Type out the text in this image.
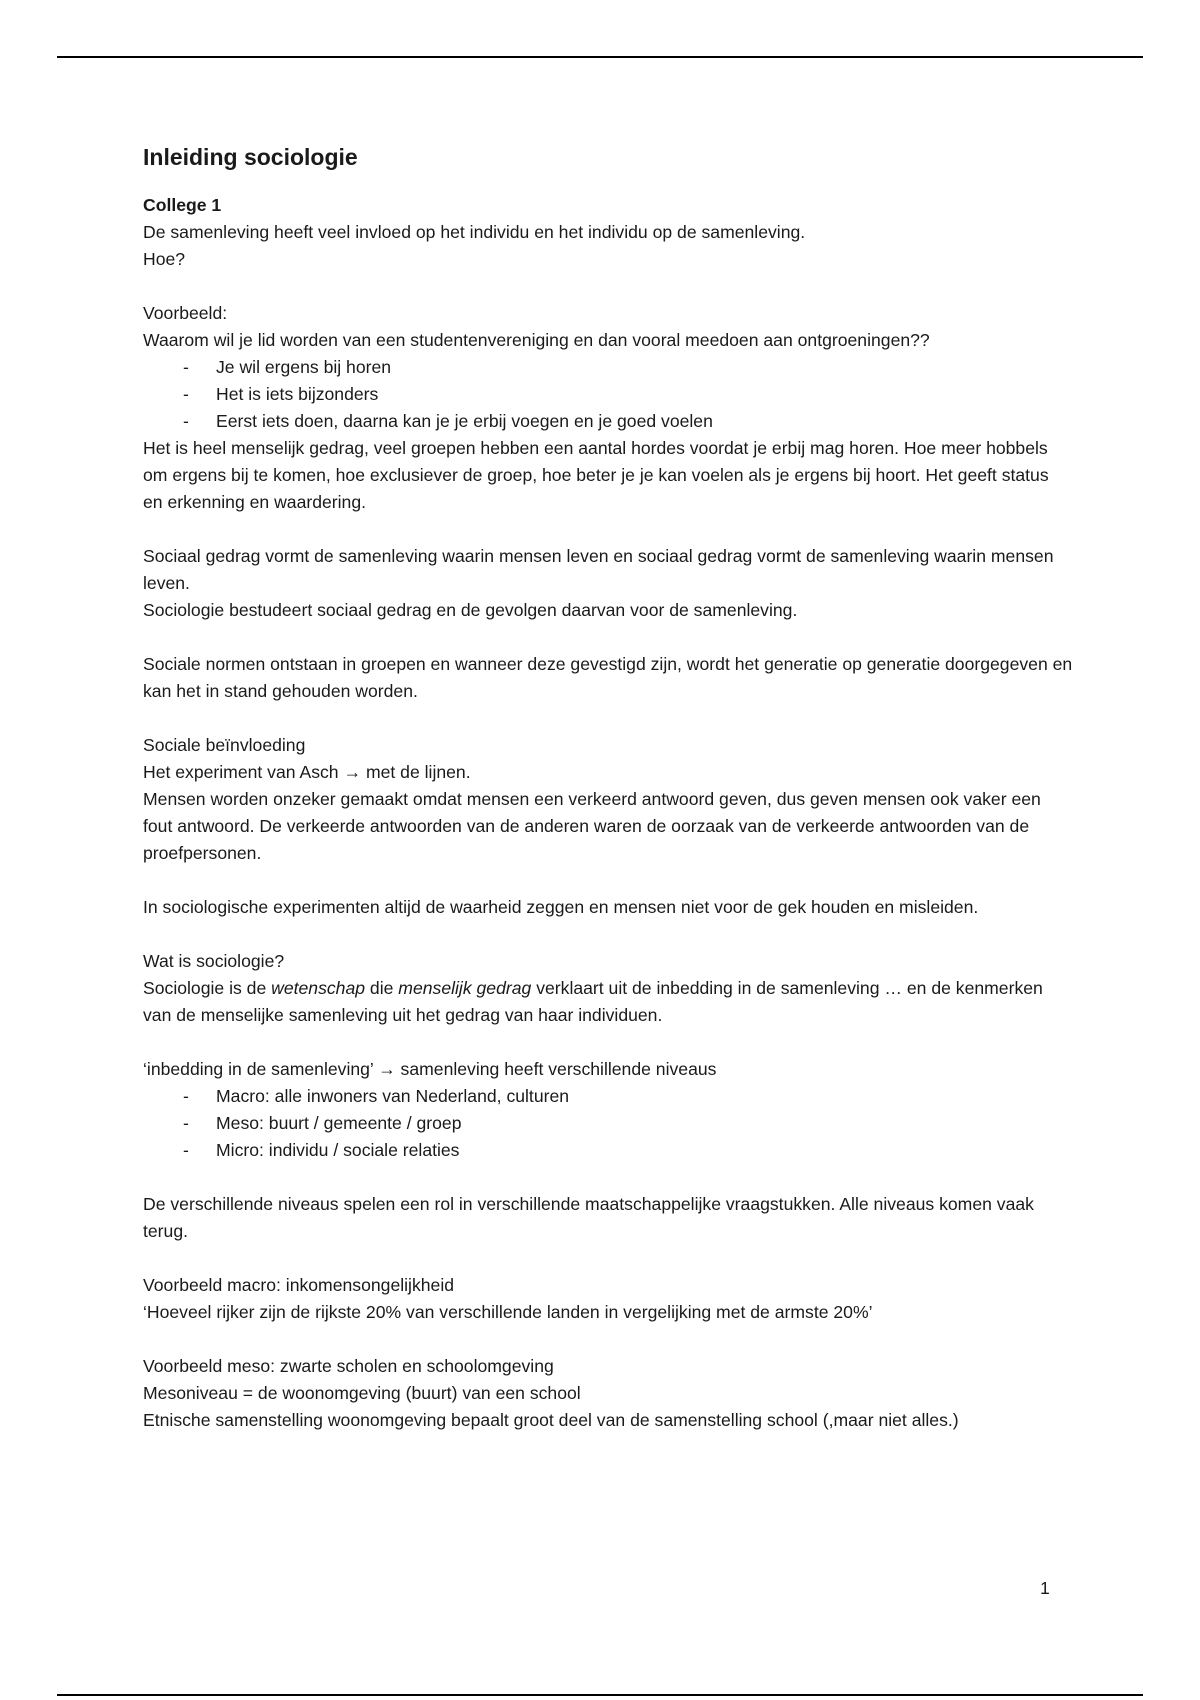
Inleiding sociologie
College 1

De samenleving heeft veel invloed op het individu en het individu op de samenleving.

Hoe?

Voorbeeld:

Waarom wil je lid worden van een studentenvereniging en dan vooral meedoen aan ontgroeningen??

- Je wil ergens bij horen
- Het is iets bijzonders
- Eerst iets doen, daarna kan je je erbij voegen en je goed voelen

Het is heel menselijk gedrag, veel groepen hebben een aantal hordes voordat je erbij mag horen. Hoe meer hobbels om ergens bij te komen, hoe exclusiever de groep, hoe beter je je kan voelen als je ergens bij hoort. Het geeft status en erkenning en waardering.

Sociaal gedrag vormt de samenleving waarin mensen leven en sociaal gedrag vormt de samenleving waarin mensen leven.

Sociologie bestudeert sociaal gedrag en de gevolgen daarvan voor de samenleving.

Sociale normen ontstaan in groepen en wanneer deze gevestigd zijn, wordt het generatie op generatie doorgegeven en kan het in stand gehouden worden.

Sociale beïnvloeding

Het experiment van Asch → met de lijnen.

Mensen worden onzeker gemaakt omdat mensen een verkeerd antwoord geven, dus geven mensen ook vaker een fout antwoord. De verkeerde antwoorden van de anderen waren de oorzaak van de verkeerde antwoorden van de proefpersonen.

In sociologische experimenten altijd de waarheid zeggen en mensen niet voor de gek houden en misleiden.

Wat is sociologie?

Sociologie is de wetenschap die menselijk gedrag verklaart uit de inbedding in de samenleving … en de kenmerken van de menselijke samenleving uit het gedrag van haar individuen.

‘inbedding in de samenleving’ → samenleving heeft verschillende niveaus

- Macro: alle inwoners van Nederland, culturen
- Meso: buurt / gemeente / groep
- Micro: individu / sociale relaties

De verschillende niveaus spelen een rol in verschillende maatschappelijke vraagstukken. Alle niveaus komen vaak terug.

Voorbeeld macro: inkomensongelijkheid

‘Hoeveel rijker zijn de rijkste 20% van verschillende landen in vergelijking met de armste 20%’

Voorbeeld meso: zwarte scholen en schoolomgeving

Mesoniveau = de woonomgeving (buurt) van een school

Etnische samenstelling woonomgeving bepaalt groot deel van de samenstelling school (,maar niet alles.)

1
